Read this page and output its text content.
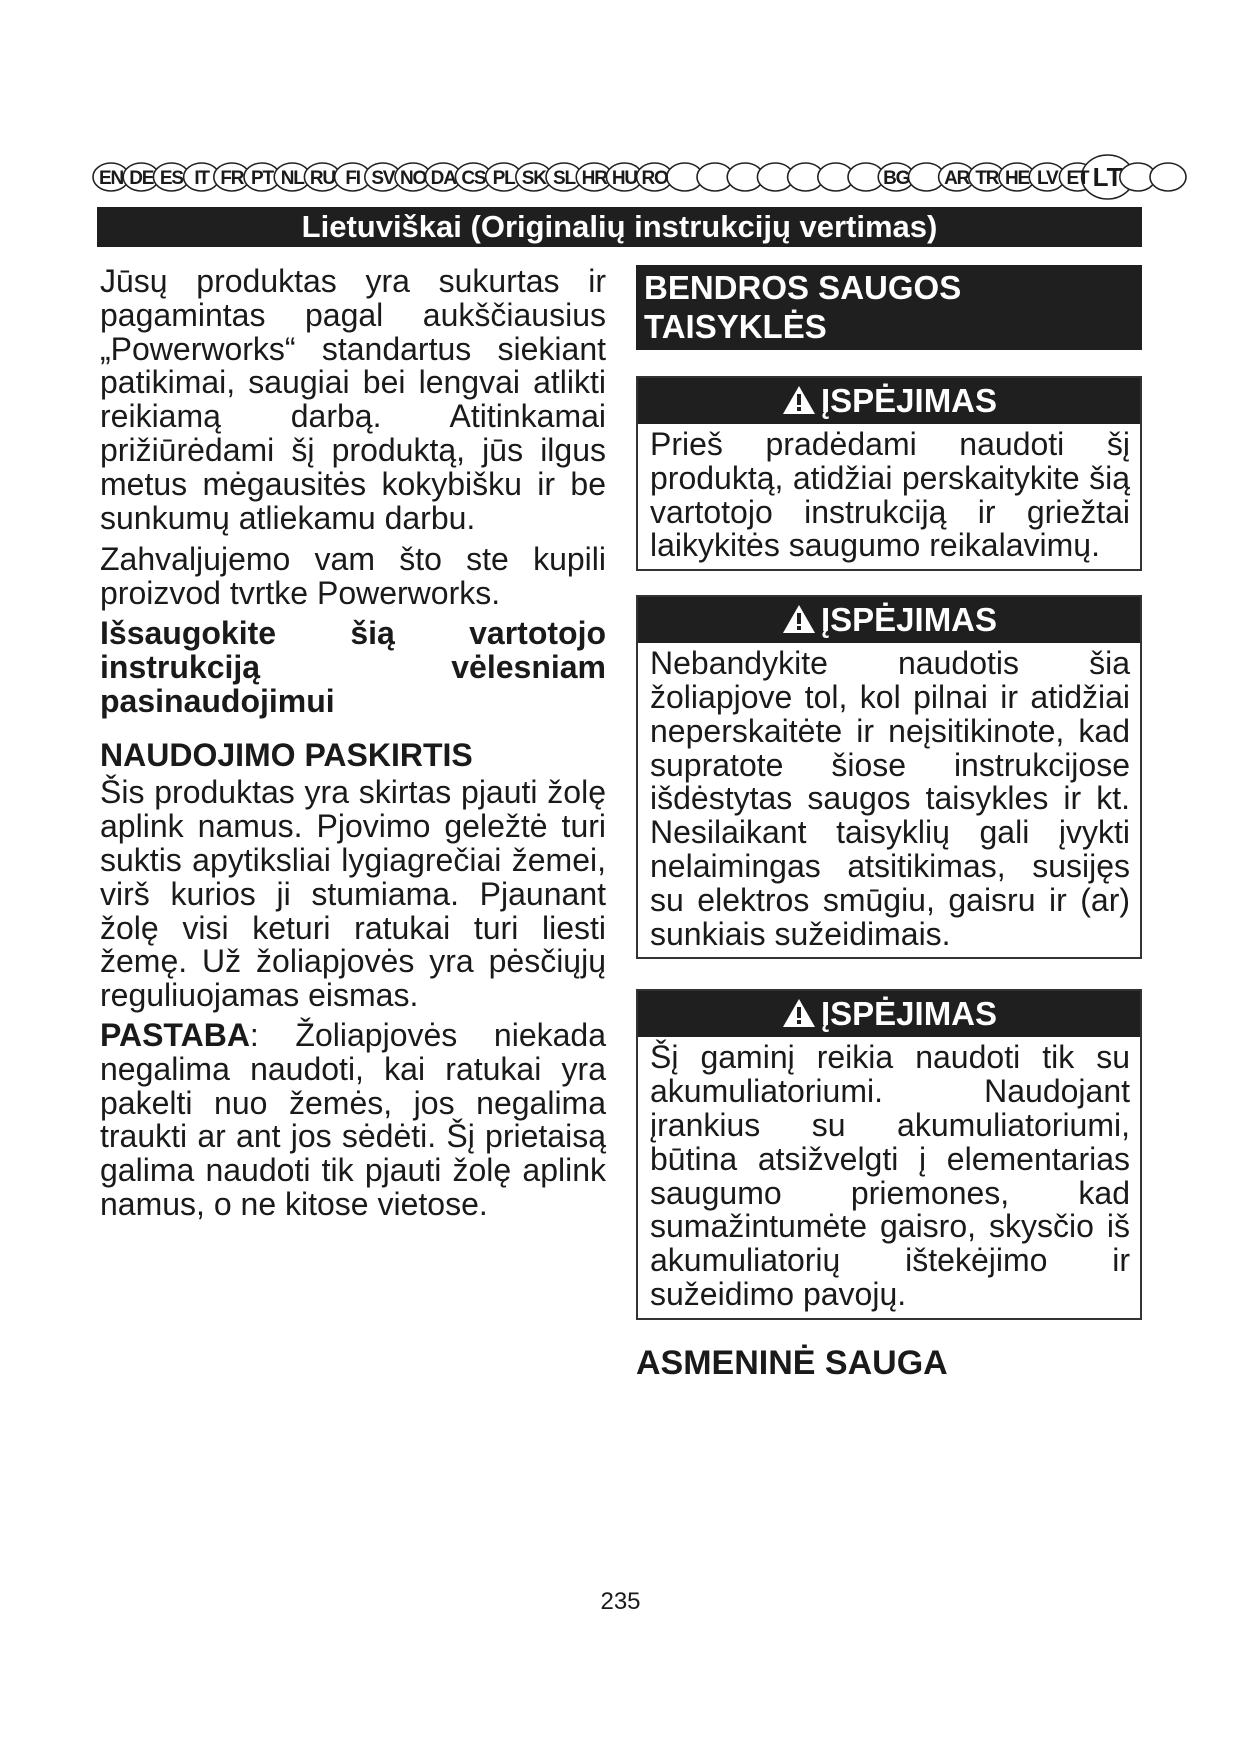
EN DE ES IT FR PT NL RU FI SV NO DA CS PL SK SL HR HU RO	BG AR TR HE LV ET LT
Lietuviškai (Originalių instrukcijų vertimas)

Jūsų produktas yra sukurtas ir pagamintas pagal aukščiausius „Powerworks“ standartus siekiant patikimai, saugiai bei lengvai atlikti reikiamą darbą. Atitinkamai prižiūrėdami šį produktą, jūs ilgus metus mėgausitės kokybišku ir be sunkumų atliekamu darbu.

Zahvaljujemo vam što ste kupili proizvod tvrtke Powerworks.

Išsaugokite šią vartotojo instrukciją vėlesniam pasinaudojimui

NAUDOJIMO PASKIRTIS

Šis produktas yra skirtas pjauti žolę aplink namus. Pjovimo geležtė turi suktis apytiksliai lygiagrečiai žemei, virš kurios ji stumiama. Pjaunant žolę visi keturi ratukai turi liesti žemę. Už žoliapjovės yra pėsčiųjų reguliuojamas eismas.

PASTABA: Žoliapjovės niekada negalima naudoti, kai ratukai yra pakelti nuo žemės, jos negalima traukti ar ant jos sėdėti. Šį prietaisą galima naudoti tik pjauti žolę aplink namus, o ne kitose vietose.

BENDROS SAUGOS TAISYKLĖS
ĮSPĖJIMAS

Prieš pradėdami naudoti šį produktą, atidžiai perskaitykite šią vartotojo instrukciją ir griežtai laikykitės saugumo reikalavimų.

ĮSPĖJIMAS

Nebandykite naudotis šia žoliapjove tol, kol pilnai ir atidžiai neperskaitėte ir neįsitikinote, kad supratote šiose instrukcijose išdėstytas saugos taisykles ir kt. Nesilaikant taisyklių gali įvykti nelaimingas atsitikimas, susijęs su elektros smūgiu, gaisru ir (ar) sunkiais sužeidimais.

ĮSPĖJIMAS

Šį gaminį reikia naudoti tik su akumuliatoriumi. Naudojant įrankius su akumuliatoriumi, būtina atsižvelgti į elementarias saugumo priemones, kad sumažintumėte gaisro, skysčio iš akumuliatorių ištekėjimo ir sužeidimo pavojų.

ASMENINĖ SAUGA

235
